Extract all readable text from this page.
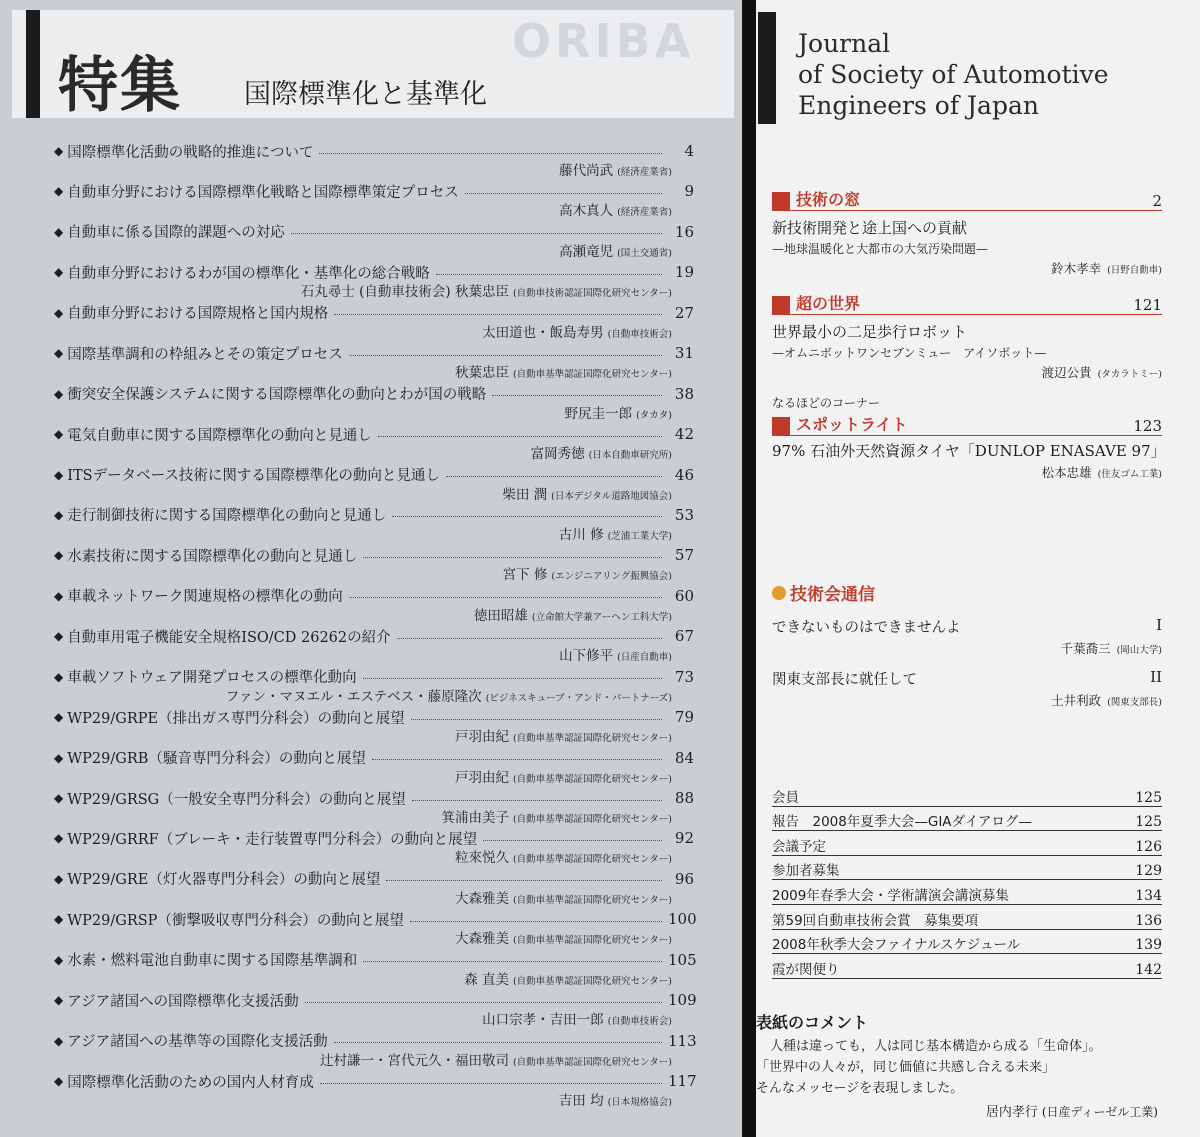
ORIBA
特集 国際標準化と基準化
◆ 国際標準化活動の戦略的推進について	4
藤代尚武 (経済産業省)
◆ 自動車分野における国際標準化戦略と国際標準策定プロセス	9
高木真人 (経済産業省)
◆ 自動車に係る国際的課題への対応	16
高瀬竜児 (国土交通省)
◆ 自動車分野におけるわが国の標準化・基準化の総合戦略	19
石丸尋士 (自動車技術会) 秋葉忠臣 (自動車技術認証国際化研究センター)
◆ 自動車分野における国際規格と国内規格	27
太田道也・飯島寿男 (自動車技術会)
◆ 国際基準調和の枠組みとその策定プロセス	31
秋葉忠臣 (自動車基準認証国際化研究センター)
◆ 衝突安全保護システムに関する国際標準化の動向とわが国の戦略	38
野尻圭一郎 (タカタ)
◆ 電気自動車に関する国際標準化の動向と見通し	42
富岡秀徳 (日本自動車研究所)
◆ ITSデータベース技術に関する国際標準化の動向と見通し	46
柴田 潤 (日本デジタル道路地図協会)
◆ 走行制御技術に関する国際標準化の動向と見通し	53
古川 修 (芝浦工業大学)
◆ 水素技術に関する国際標準化の動向と見通し	57
宮下 修 (エンジニアリング振興協会)
◆ 車載ネットワーク関連規格の標準化の動向	60
徳田昭雄 (立命館大学兼アーヘン工科大学)
◆ 自動車用電子機能安全規格ISO/CD 26262の紹介	67
山下修平 (日産自動車)
◆ 車載ソフトウェア開発プロセスの標準化動向	73
ファン・マヌエル・エステベス・藤原隆次 (ビジネスキューブ・アンド・パートナーズ)
◆ WP29/GRPE（排出ガス専門分科会）の動向と展望	79
戸羽由紀 (自動車基準認証国際化研究センター)
◆ WP29/GRB（騒音専門分科会）の動向と展望	84
戸羽由紀 (自動車基準認証国際化研究センター)
◆ WP29/GRSG（一般安全専門分科会）の動向と展望	88
箕浦由美子 (自動車基準認証国際化研究センター)
◆ WP29/GRRF（ブレーキ・走行装置専門分科会）の動向と展望	92
粒來悦久 (自動車基準認証国際化研究センター)
◆ WP29/GRE（灯火器専門分科会）の動向と展望	96
大森雅美 (自動車基準認証国際化研究センター)
◆ WP29/GRSP（衝撃吸収専門分科会）の動向と展望	100
大森雅美 (自動車基準認証国際化研究センター)
◆ 水素・燃料電池自動車に関する国際基準調和	105
森 直美 (自動車基準認証国際化研究センター)
◆ アジア諸国への国際標準化支援活動	109
山口宗孝・吉田一郎 (自動車技術会)
◆ アジア諸国への基準等の国際化支援活動	113
辻村謙一・宮代元久・福田敬司 (自動車基準認証国際化研究センター)
◆ 国際標準化活動のための国内人材育成	117
吉田 均 (日本規格協会)
Journal
of Society of Automotive
Engineers of Japan
技術の窓	2
新技術開発と途上国への貢献
—地球温暖化と大都市の大気汚染問題—
鈴木孝幸 (日野自動車)
超の世界	121
世界最小の二足歩行ロボット
—オムニボットワンセブンミュー　アイソボット—
渡辺公貴 (タカラトミー)
なるほどのコーナー
スポットライト	123
97% 石油外天然資源タイヤ「DUNLOP ENASAVE 97」
松本忠雄 (住友ゴム工業)
技術会通信
できないものはできませんよ	I
千葉喬三 (岡山大学)
関東支部長に就任して	II
土井利政 (関東支部長)
会員	125
報告　2008年夏季大会—GIAダイアログ—	125
会議予定	126
参加者募集	129
2009年春季大会・学術講演会講演募集	134
第59回自動車技術会賞　募集要項	136
2008年秋季大会ファイナルスケジュール	139
霞が関便り	142
表紙のコメント
人種は違っても，人は同じ基本構造から成る「生命体」。
「世界中の人々が，同じ価値に共感し合える未来」
そんなメッセージを表現しました。
居内孝行 (日産ディーゼル工業)
